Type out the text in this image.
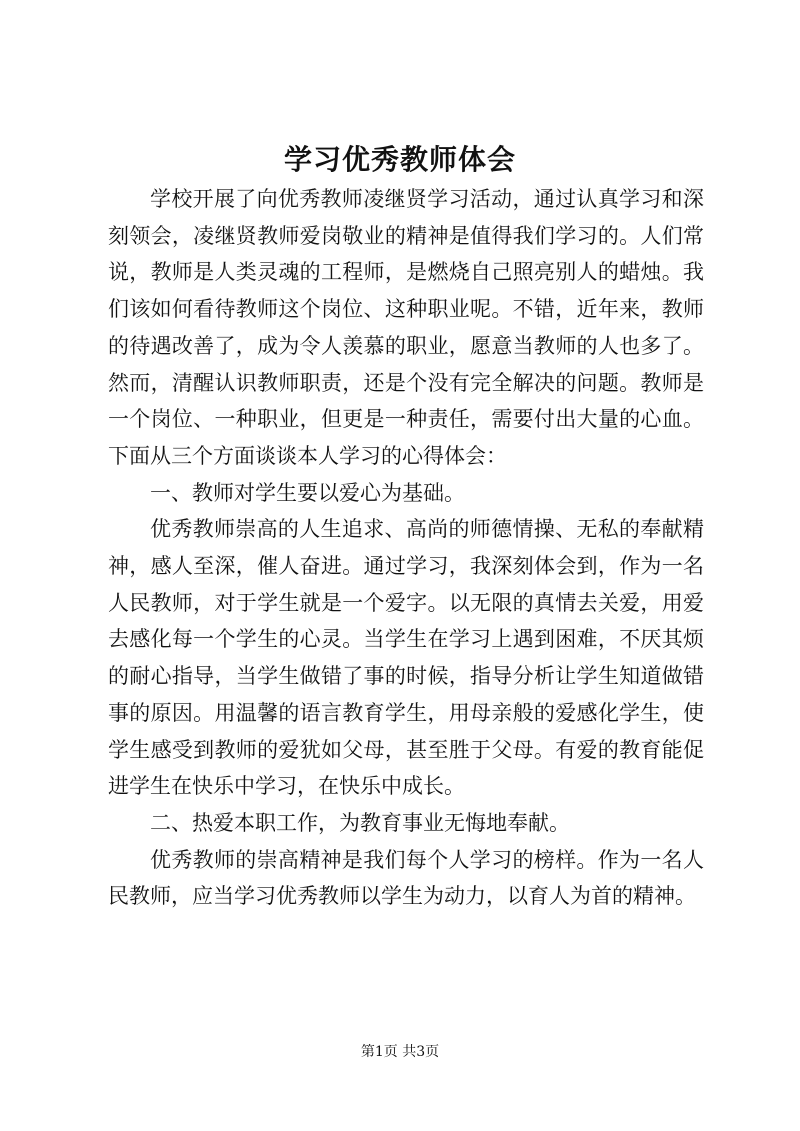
学习优秀教师体会

学校开展了向优秀教师凌继贤学习活动，通过认真学习和深刻领会，凌继贤教师爱岗敬业的精神是值得我们学习的。人们常说，教师是人类灵魂的工程师，是燃烧自己照亮别人的蜡烛。我们该如何看待教师这个岗位、这种职业呢。不错，近年来，教师的待遇改善了，成为令人羡慕的职业，愿意当教师的人也多了。然而，清醒认识教师职责，还是个没有完全解决的问题。教师是一个岗位、一种职业，但更是一种责任，需要付出大量的心血。下面从三个方面谈谈本人学习的心得体会：

一、教师对学生要以爱心为基础。

优秀教师崇高的人生追求、高尚的师德情操、无私的奉献精神，感人至深，催人奋进。通过学习，我深刻体会到，作为一名人民教师，对于学生就是一个爱字。以无限的真情去关爱，用爱去感化每一个学生的心灵。当学生在学习上遇到困难，不厌其烦的耐心指导，当学生做错了事的时候，指导分析让学生知道做错事的原因。用温馨的语言教育学生，用母亲般的爱感化学生，使学生感受到教师的爱犹如父母，甚至胜于父母。有爱的教育能促进学生在快乐中学习，在快乐中成长。

二、热爱本职工作，为教育事业无悔地奉献。

优秀教师的崇高精神是我们每个人学习的榜样。作为一名人民教师，应当学习优秀教师以学生为动力，以育人为首的精神。

第1页 共3页
